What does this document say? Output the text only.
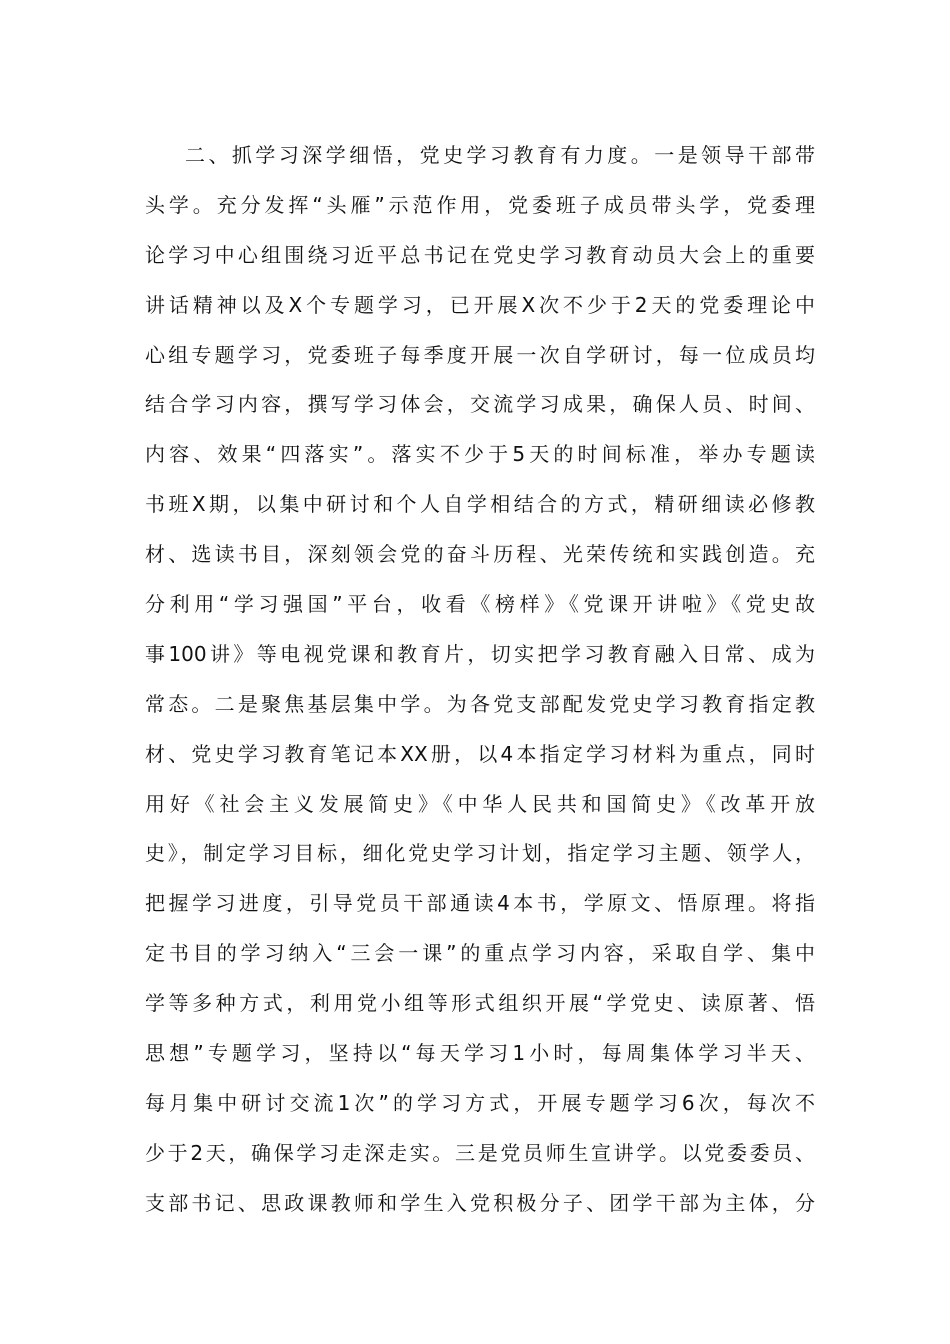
二、抓学习深学细悟，党史学习教育有力度。一是领导干部带
头学。充分发挥“头雁”示范作用，党委班子成员带头学，党委理
论学习中心组围绕习近平总书记在党史学习教育动员大会上的重要
讲话精神以及X个专题学习，已开展X次不少于2天的党委理论中
心组专题学习，党委班子每季度开展一次自学研讨，每一位成员均
结合学习内容，撰写学习体会，交流学习成果，确保人员、时间、
内容、效果“四落实”。落实不少于5天的时间标准，举办专题读
书班X期，以集中研讨和个人自学相结合的方式，精研细读必修教
材、选读书目，深刻领会党的奋斗历程、光荣传统和实践创造。充
分利用“学习强国”平台，收看《榜样》《党课开讲啦》《党史故
事100讲》等电视党课和教育片，切实把学习教育融入日常、成为
常态。二是聚焦基层集中学。为各党支部配发党史学习教育指定教
材、党史学习教育笔记本XX册，以4本指定学习材料为重点，同时
用好《社会主义发展简史》《中华人民共和国简史》《改革开放
史》，制定学习目标，细化党史学习计划，指定学习主题、领学人，
把握学习进度，引导党员干部通读4本书，学原文、悟原理。将指
定书目的学习纳入“三会一课”的重点学习内容，采取自学、集中
学等多种方式，利用党小组等形式组织开展“学党史、读原著、悟
思想”专题学习，坚持以“每天学习1小时，每周集体学习半天、
每月集中研讨交流1次”的学习方式，开展专题学习6次，每次不
少于2天，确保学习走深走实。三是党员师生宣讲学。以党委委员、
支部书记、思政课教师和学生入党积极分子、团学干部为主体，分
